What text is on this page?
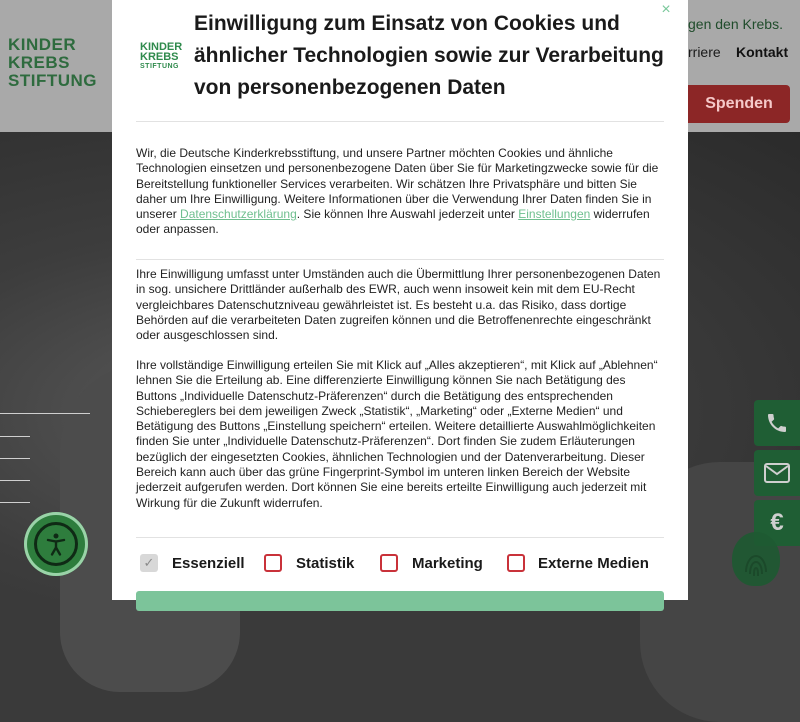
KINDER
KREBS
STIFTUNG
gen den Krebs.
rriere Kontakt
Spenden
€
×
KINDER
KREBS
STIFTUNG
Einwilligung zum Einsatz von Cookies und ähnlicher Technologien sowie zur Verarbeitung von personenbezogenen Daten

Wir, die Deutsche Kinderkrebsstiftung, und unsere Partner möchten Cookies und ähnliche Technologien einsetzen und personenbezogene Daten über Sie für Marketingzwecke sowie für die Bereitstellung funktioneller Services verarbeiten. Wir schätzen Ihre Privatsphäre und bitten Sie daher um Ihre Einwilligung. Weitere Informationen über die Verwendung Ihrer Daten finden Sie in unserer Datenschutzerklärung. Sie können Ihre Auswahl jederzeit unter Einstellungen widerrufen oder anpassen.

Ihre Einwilligung umfasst unter Umständen auch die Übermittlung Ihrer personenbezogenen Daten in sog. unsichere Drittländer außerhalb des EWR, auch wenn insoweit kein mit dem EU-Recht vergleichbares Datenschutzniveau gewährleistet ist. Es besteht u.a. das Risiko, dass dortige Behörden auf die verarbeiteten Daten zugreifen können und die Betroffenenrechte eingeschränkt oder ausgeschlossen sind.

Ihre vollständige Einwilligung erteilen Sie mit Klick auf „Alles akzeptieren“, mit Klick auf „Ablehnen“ lehnen Sie die Erteilung ab. Eine differenzierte Einwilligung können Sie nach Betätigung des Buttons „Individuelle Datenschutz-Präferenzen“ durch die Betätigung des entsprechenden Schiebereglers bei dem jeweiligen Zweck „Statistik“, „Marketing“ oder „Externe Medien“ und Betätigung des Buttons „Einstellung speichern“ erteilen. Weitere detaillierte Auswahlmöglichkeiten finden Sie unter „Individuelle Datenschutz-Präferenzen“. Dort finden Sie zudem Erläuterungen bezüglich der eingesetzten Cookies, ähnlichen Technologien und der Datenverarbeitung. Dieser Bereich kann auch über das grüne Fingerprint-Symbol im unteren linken Bereich der Website jederzeit aufgerufen werden. Dort können Sie eine bereits erteilte Einwilligung auch jederzeit mit Wirkung für die Zukunft widerrufen.

✓ Essenziell	Statistik	Marketing	Externe Medien
